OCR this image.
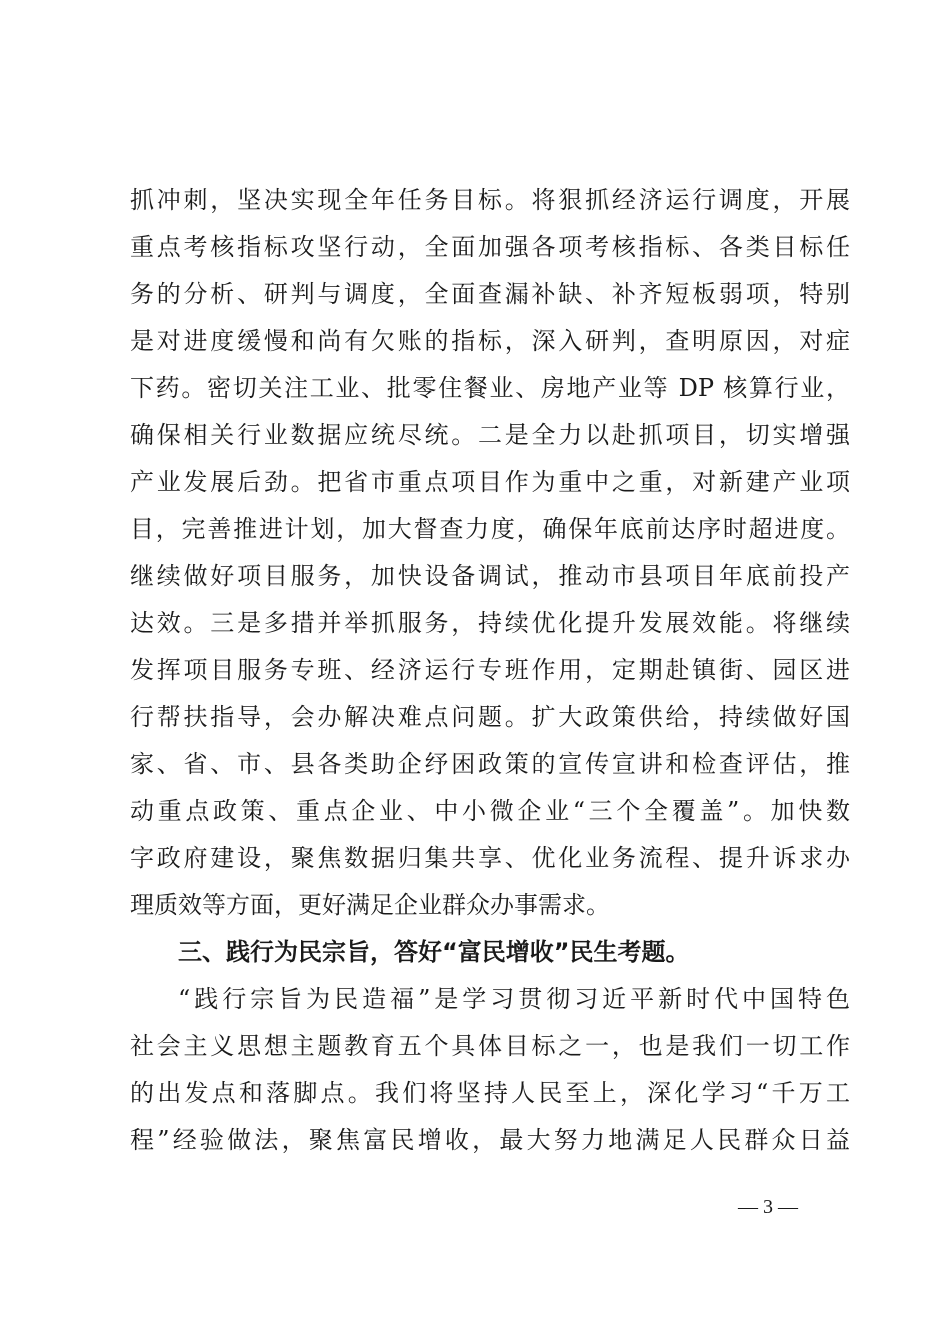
抓冲刺，坚决实现全年任务目标。将狠抓经济运行调度，开展
重点考核指标攻坚行动，全面加强各项考核指标、各类目标任
务的分析、研判与调度，全面查漏补缺、补齐短板弱项，特别
是对进度缓慢和尚有欠账的指标，深入研判，查明原因，对症
下药。密切关注工业、批零住餐业、房地产业等 DP 核算行业，
确保相关行业数据应统尽统。二是全力以赴抓项目，切实增强
产业发展后劲。把省市重点项目作为重中之重，对新建产业项
目，完善推进计划，加大督查力度，确保年底前达序时超进度。
继续做好项目服务，加快设备调试，推动市县项目年底前投产
达效。三是多措并举抓服务，持续优化提升发展效能。将继续
发挥项目服务专班、经济运行专班作用，定期赴镇街、园区进
行帮扶指导，会办解决难点问题。扩大政策供给，持续做好国
家、省、市、县各类助企纾困政策的宣传宣讲和检查评估，推
动重点政策、重点企业、中小微企业“三个全覆盖”。加快数
字政府建设，聚焦数据归集共享、优化业务流程、提升诉求办
理质效等方面，更好满足企业群众办事需求。
三、践行为民宗旨，答好“富民增收”民生考题。
“践行宗旨为民造福”是学习贯彻习近平新时代中国特色
社会主义思想主题教育五个具体目标之一，也是我们一切工作
的出发点和落脚点。我们将坚持人民至上，深化学习“千万工
程”经验做法，聚焦富民增收，最大努力地满足人民群众日益
— 3 —
